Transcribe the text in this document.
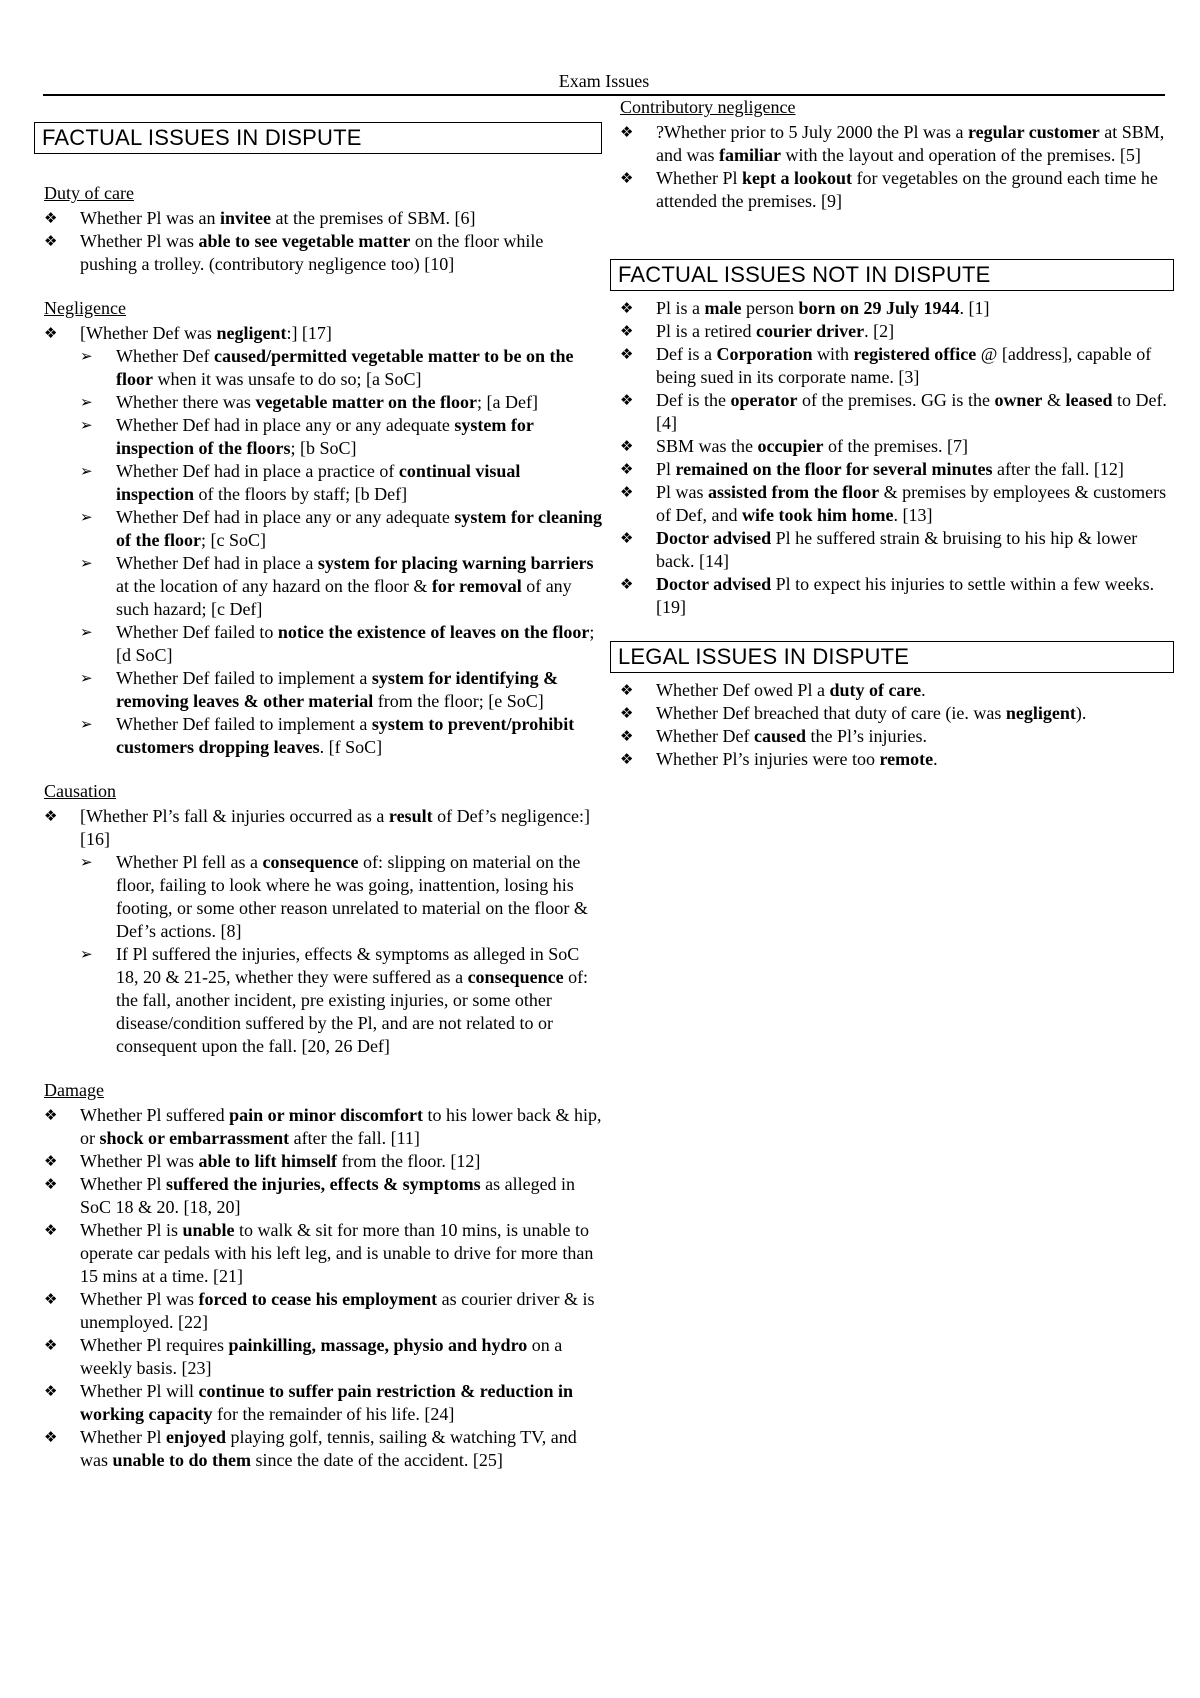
Exam Issues
FACTUAL ISSUES IN DISPUTE
Duty of care
❖ Whether Pl was an invitee at the premises of SBM. [6]
❖ Whether Pl was able to see vegetable matter on the floor while pushing a trolley. (contributory negligence too) [10]
Negligence
❖ [Whether Def was negligent:] [17]
➢ Whether Def caused/permitted vegetable matter to be on the floor when it was unsafe to do so; [a SoC]
➢ Whether there was vegetable matter on the floor; [a Def]
➢ Whether Def had in place any or any adequate system for inspection of the floors; [b SoC]
➢ Whether Def had in place a practice of continual visual inspection of the floors by staff; [b Def]
➢ Whether Def had in place any or any adequate system for cleaning of the floor; [c SoC]
➢ Whether Def had in place a system for placing warning barriers at the location of any hazard on the floor & for removal of any such hazard; [c Def]
➢ Whether Def failed to notice the existence of leaves on the floor; [d SoC]
➢ Whether Def failed to implement a system for identifying & removing leaves & other material from the floor; [e SoC]
➢ Whether Def failed to implement a system to prevent/prohibit customers dropping leaves. [f SoC]
Causation
❖ [Whether Pl’s fall & injuries occurred as a result of Def’s negligence:] [16]
➢ Whether Pl fell as a consequence of: slipping on material on the floor, failing to look where he was going, inattention, losing his footing, or some other reason unrelated to material on the floor & Def’s actions. [8]
➢ If Pl suffered the injuries, effects & symptoms as alleged in SoC 18, 20 & 21-25, whether they were suffered as a consequence of: the fall, another incident, pre existing injuries, or some other disease/condition suffered by the Pl, and are not related to or consequent upon the fall. [20, 26 Def]
Damage
❖ Whether Pl suffered pain or minor discomfort to his lower back & hip, or shock or embarrassment after the fall. [11]
❖ Whether Pl was able to lift himself from the floor. [12]
❖ Whether Pl suffered the injuries, effects & symptoms as alleged in SoC 18 & 20. [18, 20]
❖ Whether Pl is unable to walk & sit for more than 10 mins, is unable to operate car pedals with his left leg, and is unable to drive for more than 15 mins at a time. [21]
❖ Whether Pl was forced to cease his employment as courier driver & is unemployed. [22]
❖ Whether Pl requires painkilling, massage, physio and hydro on a weekly basis. [23]
❖ Whether Pl will continue to suffer pain restriction & reduction in working capacity for the remainder of his life. [24]
❖ Whether Pl enjoyed playing golf, tennis, sailing & watching TV, and was unable to do them since the date of the accident. [25]
Contributory negligence
❖ ?Whether prior to 5 July 2000 the Pl was a regular customer at SBM, and was familiar with the layout and operation of the premises. [5]
❖ Whether Pl kept a lookout for vegetables on the ground each time he attended the premises. [9]
FACTUAL ISSUES NOT IN DISPUTE
❖ Pl is a male person born on 29 July 1944. [1]
❖ Pl is a retired courier driver. [2]
❖ Def is a Corporation with registered office @ [address], capable of being sued in its corporate name. [3]
❖ Def is the operator of the premises. GG is the owner & leased to Def. [4]
❖ SBM was the occupier of the premises. [7]
❖ Pl remained on the floor for several minutes after the fall. [12]
❖ Pl was assisted from the floor & premises by employees & customers of Def, and wife took him home. [13]
❖ Doctor advised Pl he suffered strain & bruising to his hip & lower back. [14]
❖ Doctor advised Pl to expect his injuries to settle within a few weeks. [19]
LEGAL ISSUES IN DISPUTE
❖ Whether Def owed Pl a duty of care.
❖ Whether Def breached that duty of care (ie. was negligent).
❖ Whether Def caused the Pl’s injuries.
❖ Whether Pl’s injuries were too remote.
